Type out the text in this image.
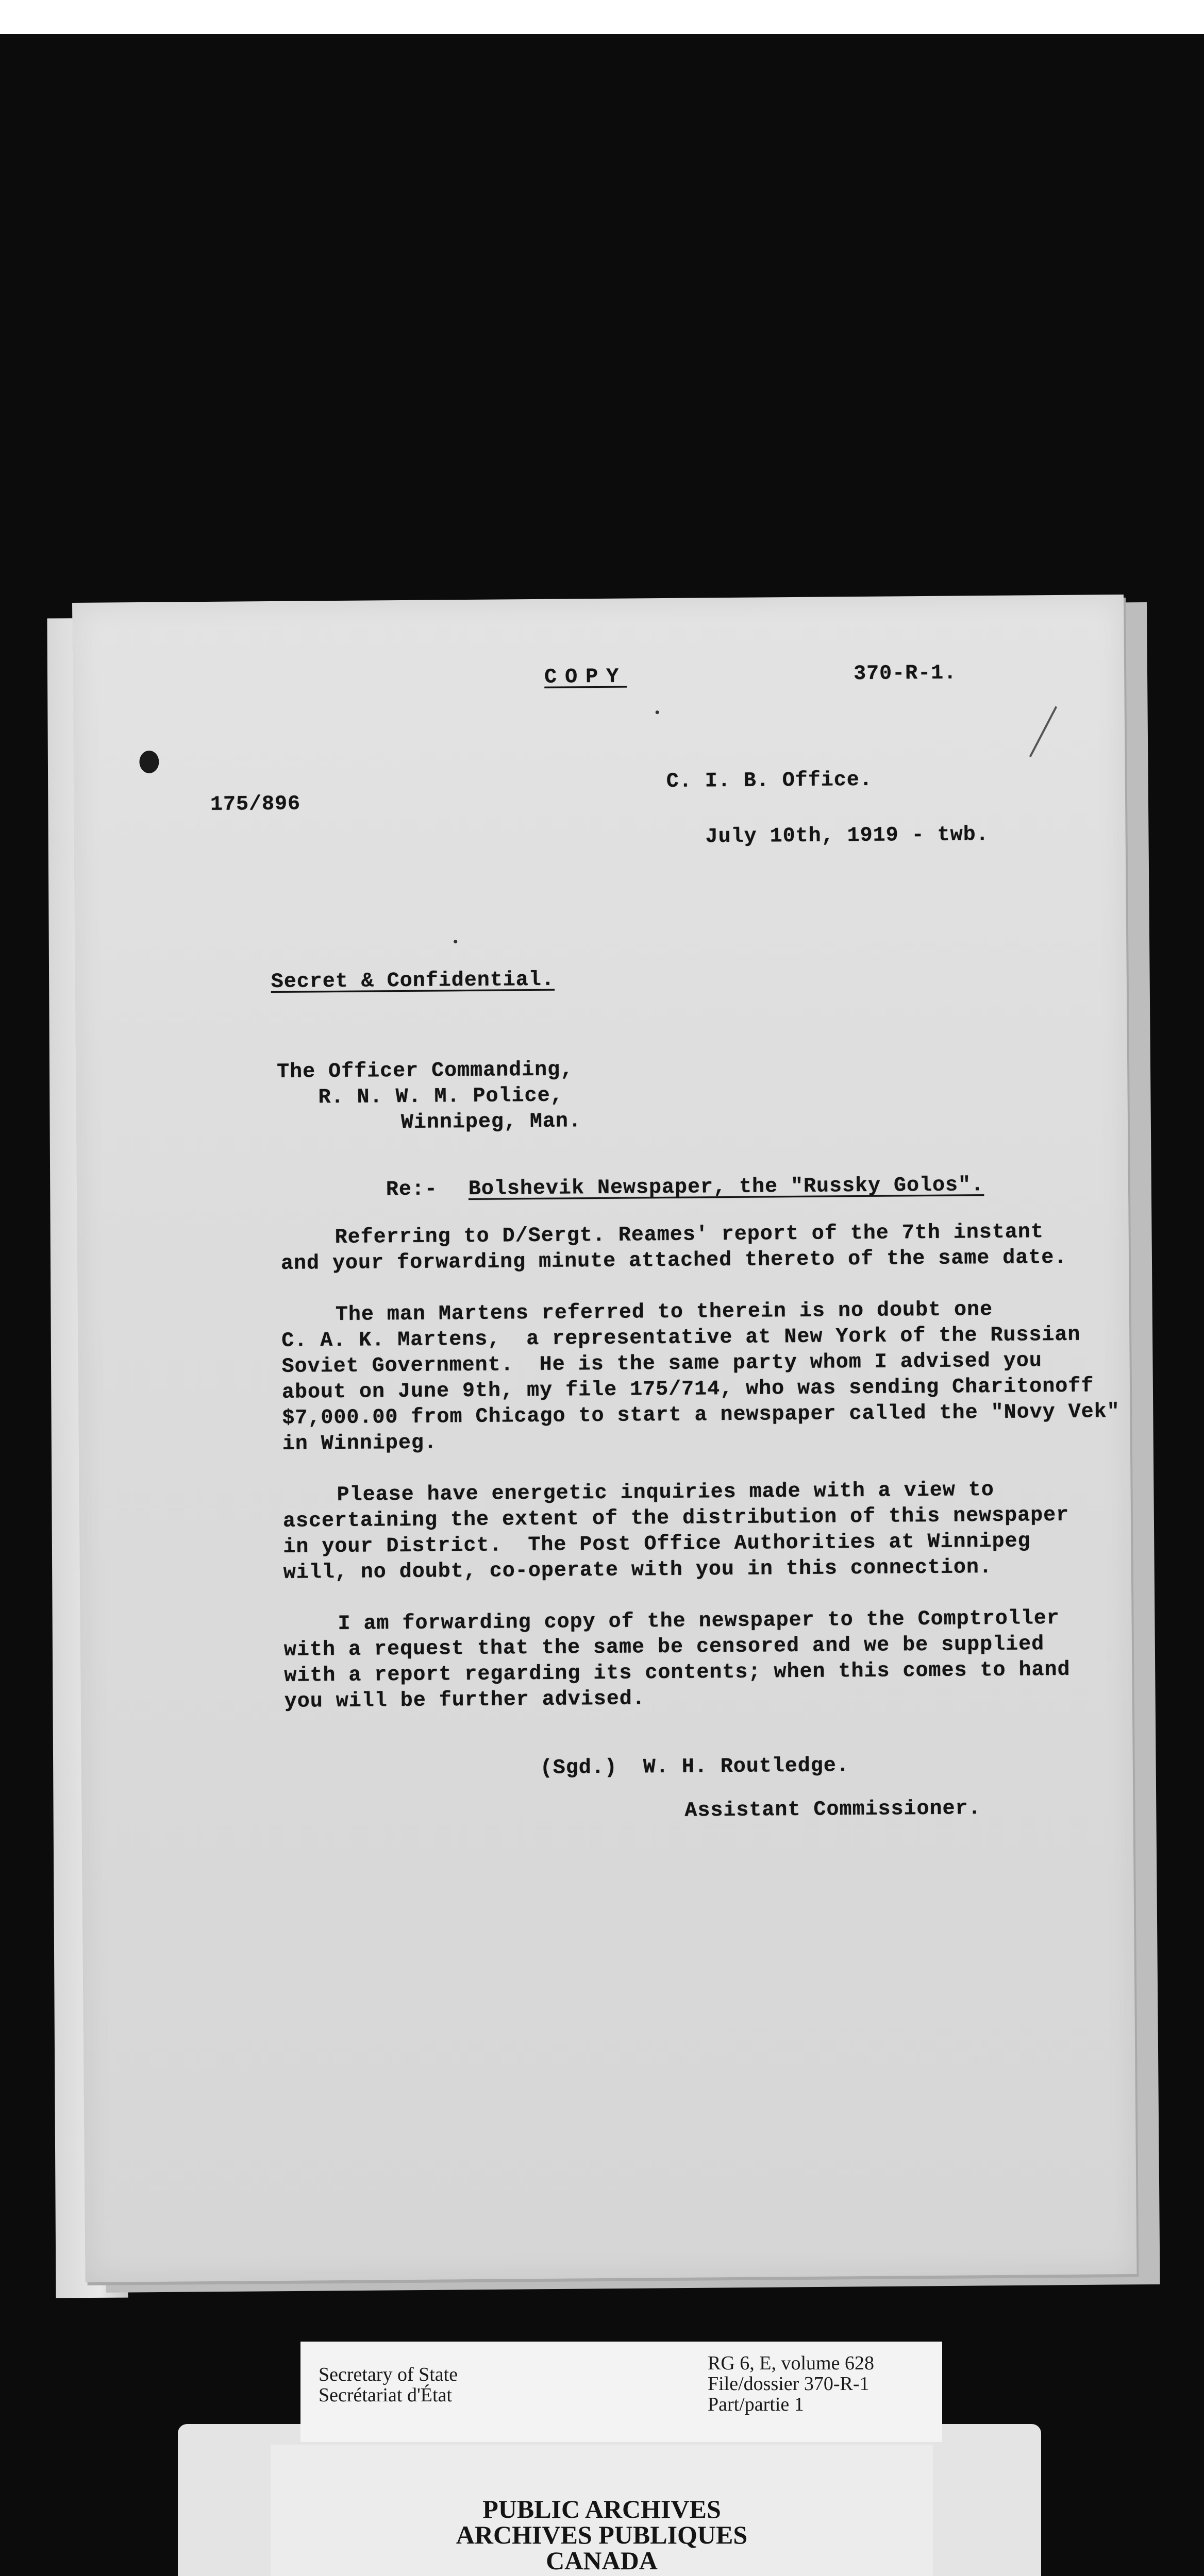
COPY	370-R-1.
175/896
C. I. B. Office.
July 10th, 1919 - twb.
Secret & Confidential.
The Officer Commanding,
R. N. W. M. Police,
Winnipeg, Man.
Re:- Bolshevik Newspaper, the "Russky Golos".
Referring to D/Sergt. Reames' report of the 7th instant
and your forwarding minute attached thereto of the same date.
The man Martens referred to therein is no doubt one
C. A. K. Martens,  a representative at New York of the Russian
Soviet Government.  He is the same party whom I advised you
about on June 9th, my file 175/714, who was sending Charitonoff
$7,000.00 from Chicago to start a newspaper called the "Novy Vek"
in Winnipeg.
Please have energetic inquiries made with a view to
ascertaining the extent of the distribution of this newspaper
in your District.  The Post Office Authorities at Winnipeg
will, no doubt, co-operate with you in this connection.
I am forwarding copy of the newspaper to the Comptroller
with a request that the same be censored and we be supplied
with a report regarding its contents; when this comes to hand
you will be further advised.
(Sgd.) W. H. Routledge.
Assistant Commissioner.
PUBLIC ARCHIVES
ARCHIVES PUBLIQUES
CANADA
Secretary of State
Secrétariat d'État
RG 6, E, volume 628
File/dossier 370-R-1
Part/partie 1
